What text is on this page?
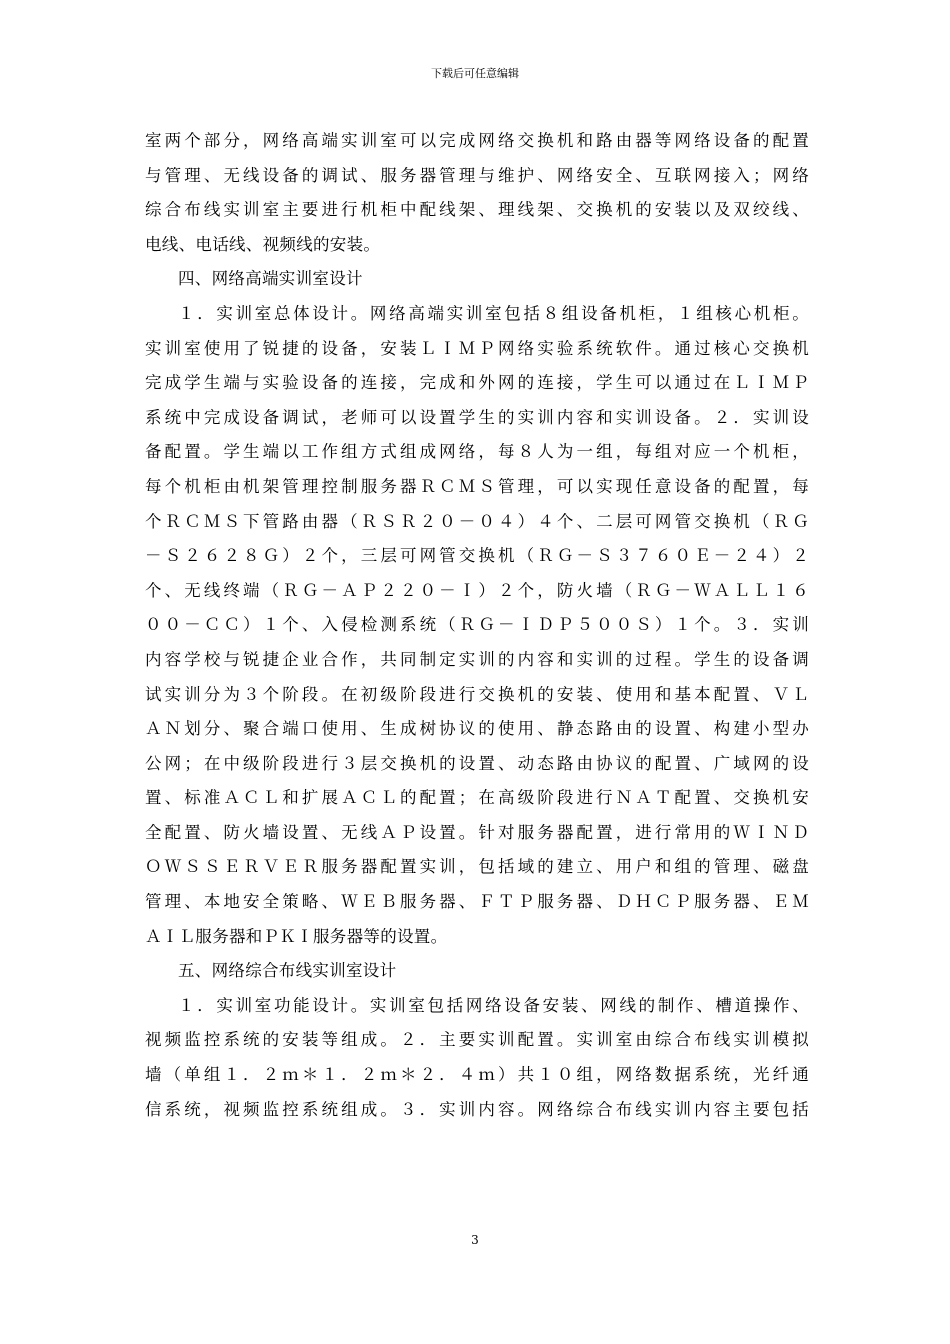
下载后可任意编辑
室两个部分，网络高端实训室可以完成网络交换机和路由器等网络设备的配置
与管理、无线设备的调试、服务器管理与维护、网络安全、互联网接入；网络
综合布线实训室主要进行机柜中配线架、理线架、交换机的安装以及双绞线、
电线、电话线、视频线的安装。
四、网络高端实训室设计
１．实训室总体设计。网络高端实训室包括８组设备机柜，１组核心机柜。
实训室使用了锐捷的设备，安装ＬＩＭＰ网络实验系统软件。通过核心交换机
完成学生端与实验设备的连接，完成和外网的连接，学生可以通过在ＬＩＭＰ
系统中完成设备调试，老师可以设置学生的实训内容和实训设备。２．实训设
备配置。学生端以工作组方式组成网络，每８人为一组，每组对应一个机柜，
每个机柜由机架管理控制服务器ＲＣＭＳ管理，可以实现任意设备的配置，每
个ＲＣＭＳ下管路由器（ＲＳＲ２０－０４）４个、二层可网管交换机（ＲＧ
－Ｓ２６２８Ｇ）２个，三层可网管交换机（ＲＧ－Ｓ３７６０Ｅ－２４）２
个、无线终端（ＲＧ－ＡＰ２２０－Ｉ）２个，防火墙（ＲＧ－ＷＡＬＬ１６
００－ＣＣ）１个、入侵检测系统（ＲＧ－ＩＤＰ５００Ｓ）１个。３．实训
内容学校与锐捷企业合作，共同制定实训的内容和实训的过程。学生的设备调
试实训分为３个阶段。在初级阶段进行交换机的安装、使用和基本配置、ＶＬ
ＡＮ划分、聚合端口使用、生成树协议的使用、静态路由的设置、构建小型办
公网；在中级阶段进行３层交换机的设置、动态路由协议的配置、广域网的设
置、标准ＡＣＬ和扩展ＡＣＬ的配置；在高级阶段进行ＮＡＴ配置、交换机安
全配置、防火墙设置、无线ＡＰ设置。针对服务器配置，进行常用的ＷＩＮＤ
ＯＷＳＳＥＲＶＥＲ服务器配置实训，包括域的建立、用户和组的管理、磁盘
管理、本地安全策略、ＷＥＢ服务器、ＦＴＰ服务器、ＤＨＣＰ服务器、ＥＭ
ＡＩＬ服务器和ＰＫＩ服务器等的设置。
五、网络综合布线实训室设计
１．实训室功能设计。实训室包括网络设备安装、网线的制作、槽道操作、
视频监控系统的安装等组成。２．主要实训配置。实训室由综合布线实训模拟
墙（单组１．２ｍ＊１．２ｍ＊２．４ｍ）共１０组，网络数据系统，光纤通
信系统，视频监控系统组成。３．实训内容。网络综合布线实训内容主要包括
3
